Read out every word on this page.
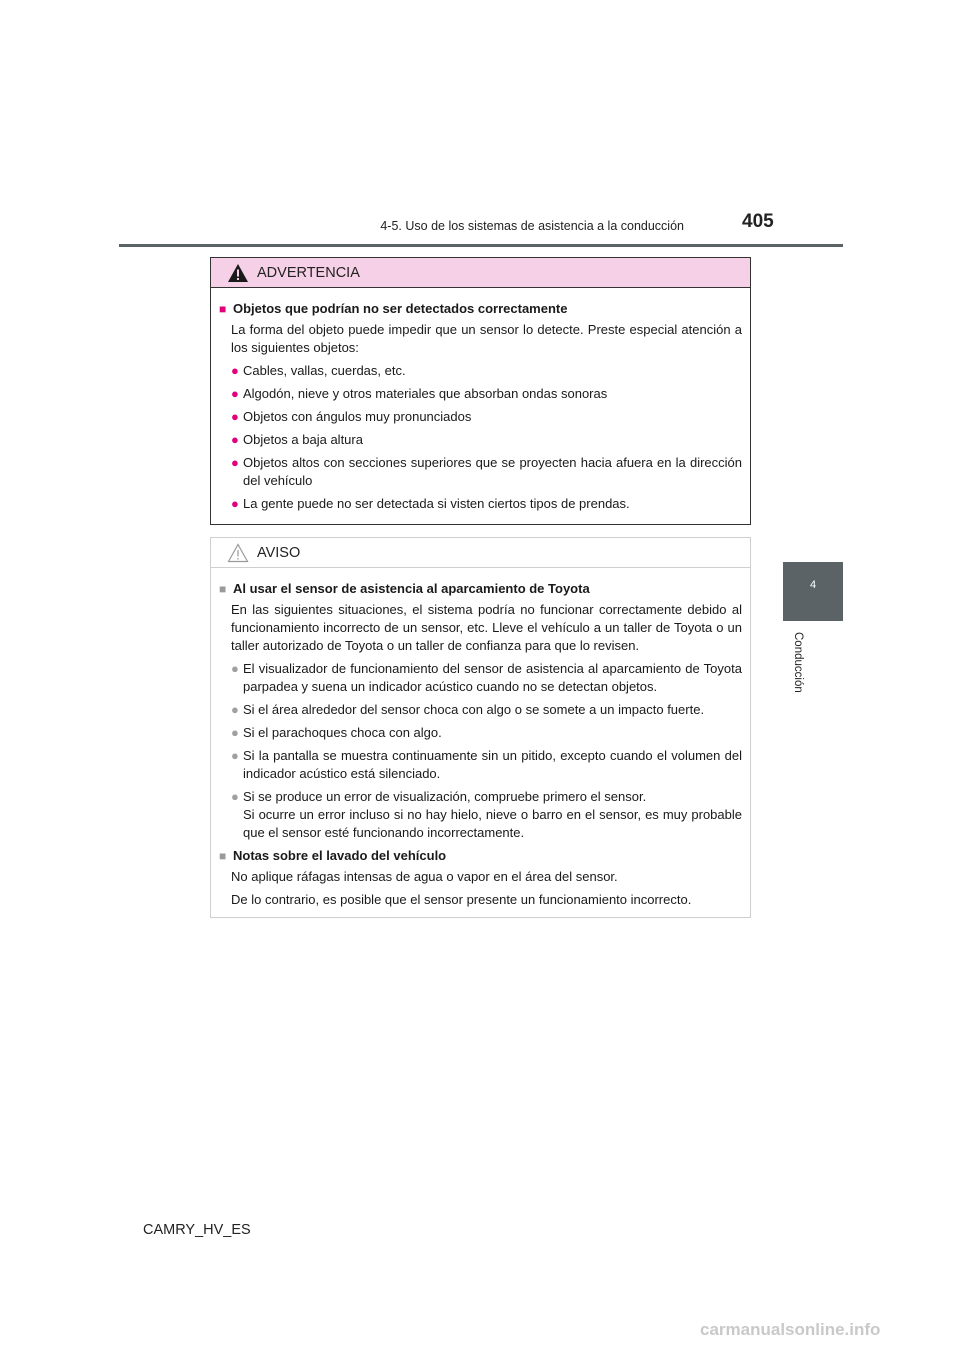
4-5. Uso de los sistemas de asistencia a la conducción	405
4
Conducción
ADVERTENCIA
■ Objetos que podrían no ser detectados correctamente
La forma del objeto puede impedir que un sensor lo detecte. Preste especial atención a los siguientes objetos:
● Cables, vallas, cuerdas, etc.
● Algodón, nieve y otros materiales que absorban ondas sonoras
● Objetos con ángulos muy pronunciados
● Objetos a baja altura
● Objetos altos con secciones superiores que se proyecten hacia afuera en la dirección del vehículo
● La gente puede no ser detectada si visten ciertos tipos de prendas.
AVISO
■ Al usar el sensor de asistencia al aparcamiento de Toyota
En las siguientes situaciones, el sistema podría no funcionar correctamente debido al funcionamiento incorrecto de un sensor, etc. Lleve el vehículo a un taller de Toyota o un taller autorizado de Toyota o un taller de confianza para que lo revisen.
● El visualizador de funcionamiento del sensor de asistencia al aparcamiento de Toyota parpadea y suena un indicador acústico cuando no se detectan objetos.
● Si el área alrededor del sensor choca con algo o se somete a un impacto fuerte.
● Si el parachoques choca con algo.
● Si la pantalla se muestra continuamente sin un pitido, excepto cuando el volumen del indicador acústico está silenciado.
● Si se produce un error de visualización, compruebe primero el sensor.
Si ocurre un error incluso si no hay hielo, nieve o barro en el sensor, es muy probable que el sensor esté funcionando incorrectamente.
■ Notas sobre el lavado del vehículo
No aplique ráfagas intensas de agua o vapor en el área del sensor.
De lo contrario, es posible que el sensor presente un funcionamiento incorrecto.
CAMRY_HV_ES
carmanualsonline.info
